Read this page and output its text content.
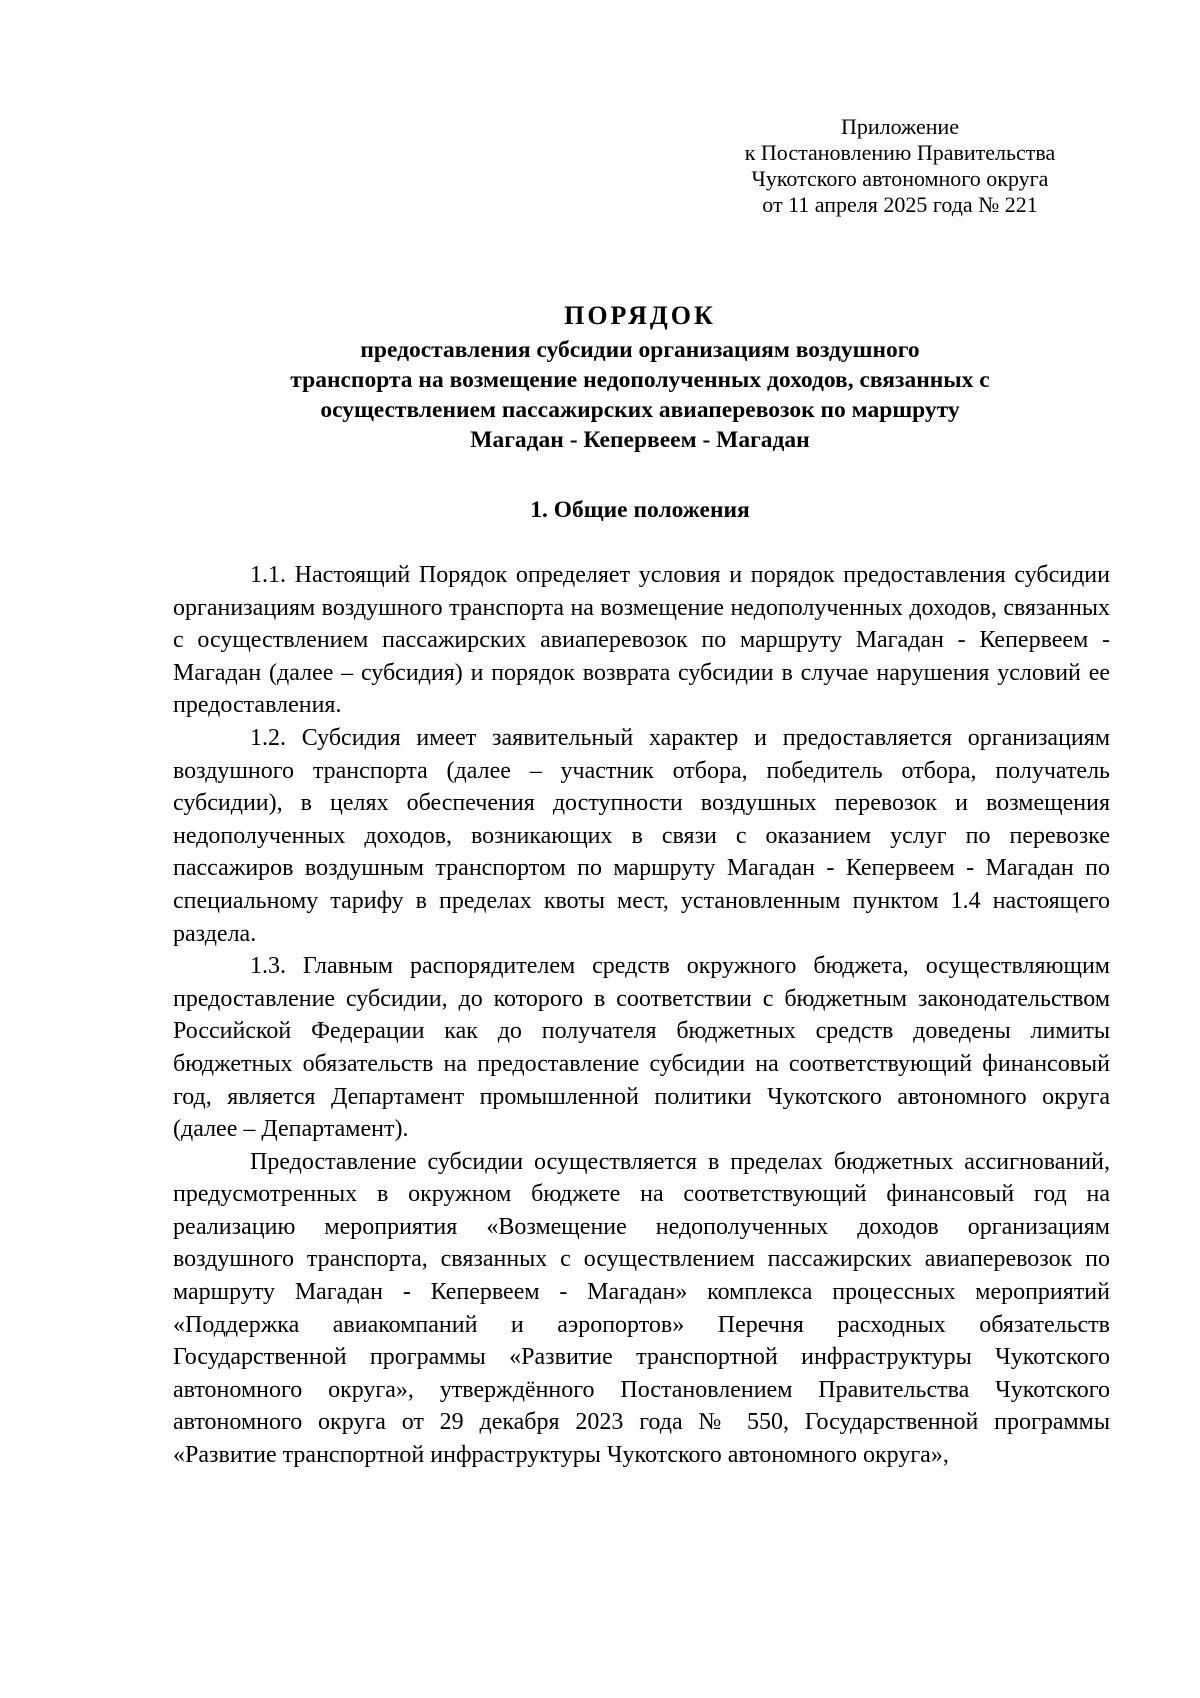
Приложение
к Постановлению Правительства
Чукотского автономного округа
от 11 апреля 2025 года № 221
ПОРЯДОК
предоставления субсидии организациям воздушного
транспорта на возмещение недополученных доходов, связанных с
осуществлением пассажирских авиаперевозок по маршруту
Магадан - Кепервеем - Магадан
1. Общие положения

1.1. Настоящий Порядок определяет условия и порядок предоставления субсидии организациям воздушного транспорта на возмещение недополученных доходов, связанных с осуществлением пассажирских авиаперевозок по маршруту Магадан - Кепервеем - Магадан (далее – субсидия) и порядок возврата субсидии в случае нарушения условий ее предоставления.

1.2. Субсидия имеет заявительный характер и предоставляется организациям воздушного транспорта (далее – участник отбора, победитель отбора, получатель субсидии), в целях обеспечения доступности воздушных перевозок и возмещения недополученных доходов, возникающих в связи с оказанием услуг по перевозке пассажиров воздушным транспортом по маршруту Магадан - Кепервеем - Магадан по специальному тарифу в пределах квоты мест, установленным пунктом 1.4 настоящего раздела.

1.3. Главным распорядителем средств окружного бюджета, осуществляющим предоставление субсидии, до которого в соответствии с бюджетным законодательством Российской Федерации как до получателя бюджетных средств доведены лимиты бюджетных обязательств на предоставление субсидии на соответствующий финансовый год, является Департамент промышленной политики Чукотского автономного округа (далее – Департамент).

Предоставление субсидии осуществляется в пределах бюджетных ассигнований, предусмотренных в окружном бюджете на соответствующий финансовый год на реализацию мероприятия «Возмещение недополученных доходов организациям воздушного транспорта, связанных с осуществлением пассажирских авиаперевозок по маршруту Магадан - Кепервеем - Магадан» комплекса процессных мероприятий «Поддержка авиакомпаний и аэропортов» Перечня расходных обязательств Государственной программы «Развитие транспортной инфраструктуры Чукотского автономного округа», утверждённого Постановлением Правительства Чукотского автономного округа от 29 декабря 2023 года № 550, Государственной программы «Развитие транспортной инфраструктуры Чукотского автономного округа»,
